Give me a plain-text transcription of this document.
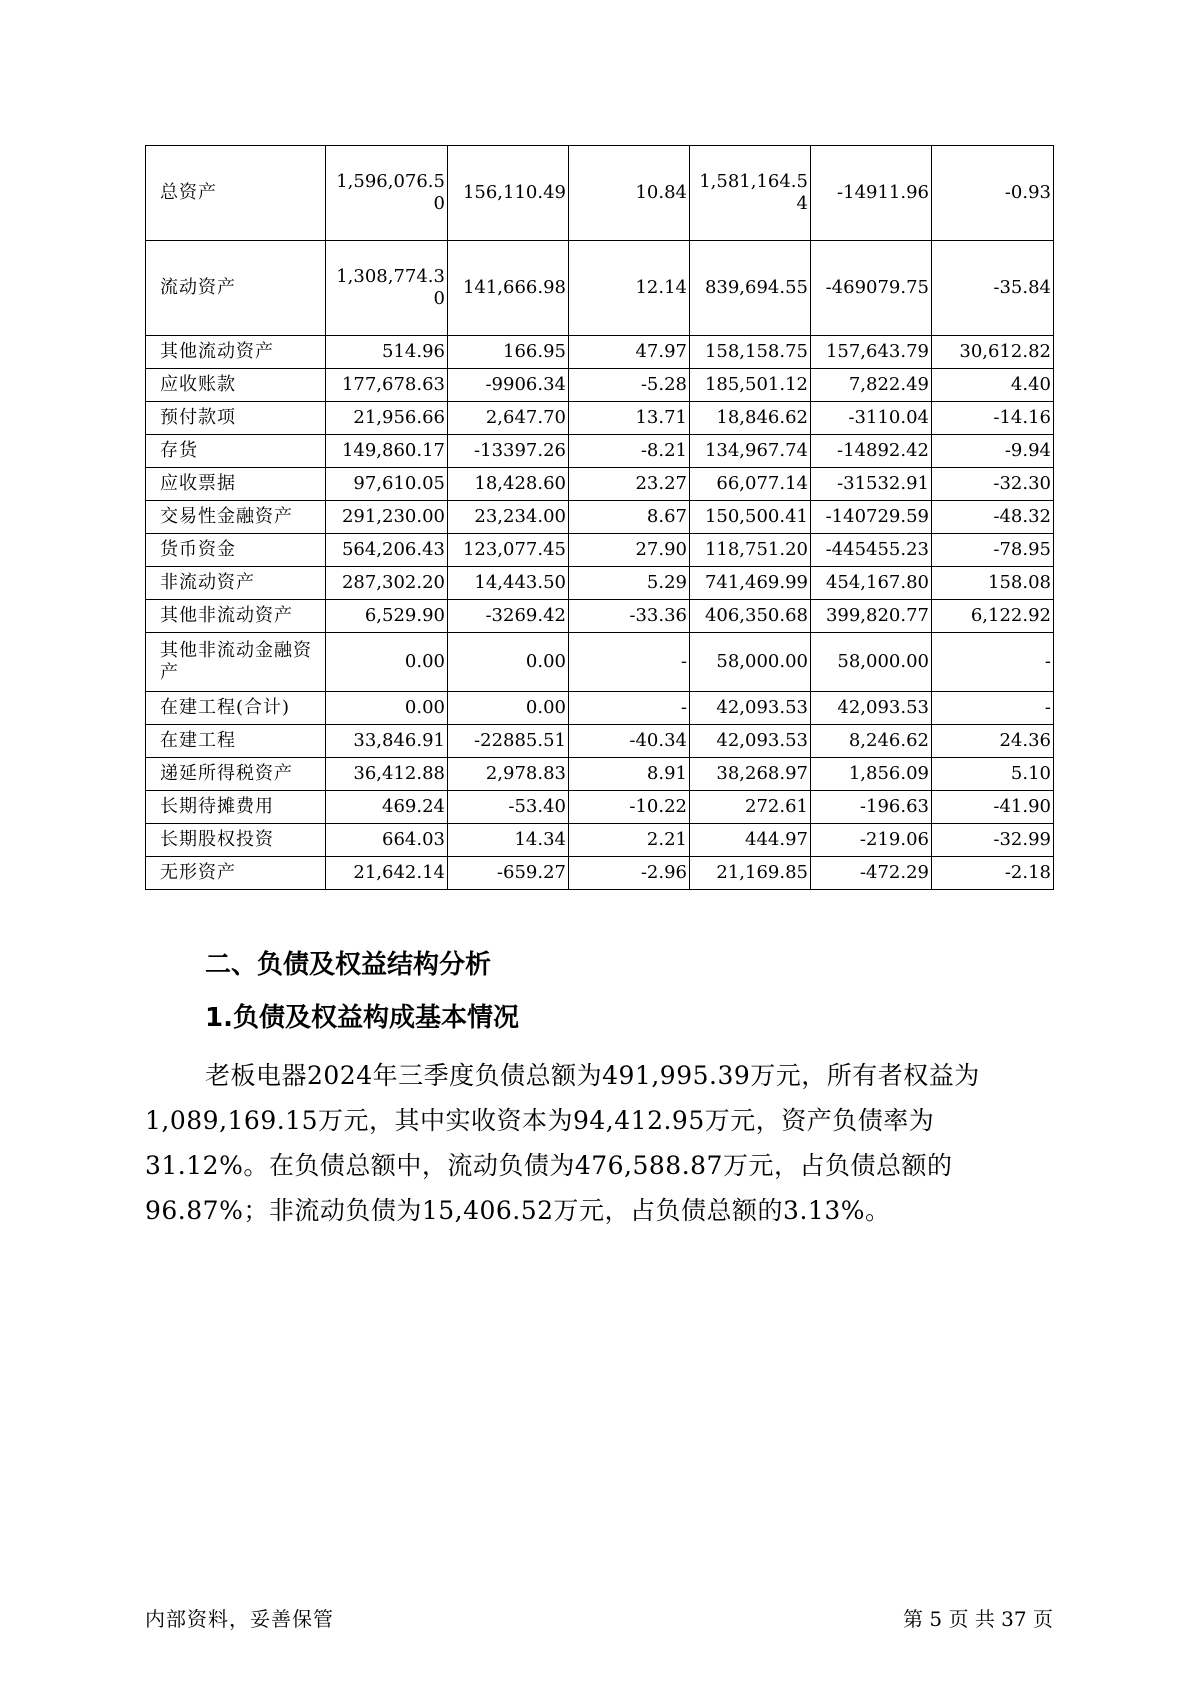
总资产	1,596,076.50	156,110.49	10.84	1,581,164.54	-14911.96	-0.93
流动资产	1,308,774.30	141,666.98	12.14	839,694.55	-469079.75	-35.84
其他流动资产	514.96	166.95	47.97	158,158.75	157,643.79	30,612.82
应收账款	177,678.63	-9906.34	-5.28	185,501.12	7,822.49	4.40
预付款项	21,956.66	2,647.70	13.71	18,846.62	-3110.04	-14.16
存货	149,860.17	-13397.26	-8.21	134,967.74	-14892.42	-9.94
应收票据	97,610.05	18,428.60	23.27	66,077.14	-31532.91	-32.30
交易性金融资产	291,230.00	23,234.00	8.67	150,500.41	-140729.59	-48.32
货币资金	564,206.43	123,077.45	27.90	118,751.20	-445455.23	-78.95
非流动资产	287,302.20	14,443.50	5.29	741,469.99	454,167.80	158.08
其他非流动资产	6,529.90	-3269.42	-33.36	406,350.68	399,820.77	6,122.92
其他非流动金融资产	0.00	0.00	-	58,000.00	58,000.00	-
在建工程(合计)	0.00	0.00	-	42,093.53	42,093.53	-
在建工程	33,846.91	-22885.51	-40.34	42,093.53	8,246.62	24.36
递延所得税资产	36,412.88	2,978.83	8.91	38,268.97	1,856.09	5.10
长期待摊费用	469.24	-53.40	-10.22	272.61	-196.63	-41.90
长期股权投资	664.03	14.34	2.21	444.97	-219.06	-32.99
无形资产	21,642.14	-659.27	-2.96	21,169.85	-472.29	-2.18
二、负债及权益结构分析
1.负债及权益构成基本情况

老板电器2024年三季度负债总额为491,995.39万元，所有者权益为1,089,169.15万元，其中实收资本为94,412.95万元，资产负债率为31.12%。在负债总额中，流动负债为476,588.87万元，占负债总额的96.87%；非流动负债为15,406.52万元，占负债总额的3.13%。

内部资料，妥善保管	第 5 页 共 37 页
